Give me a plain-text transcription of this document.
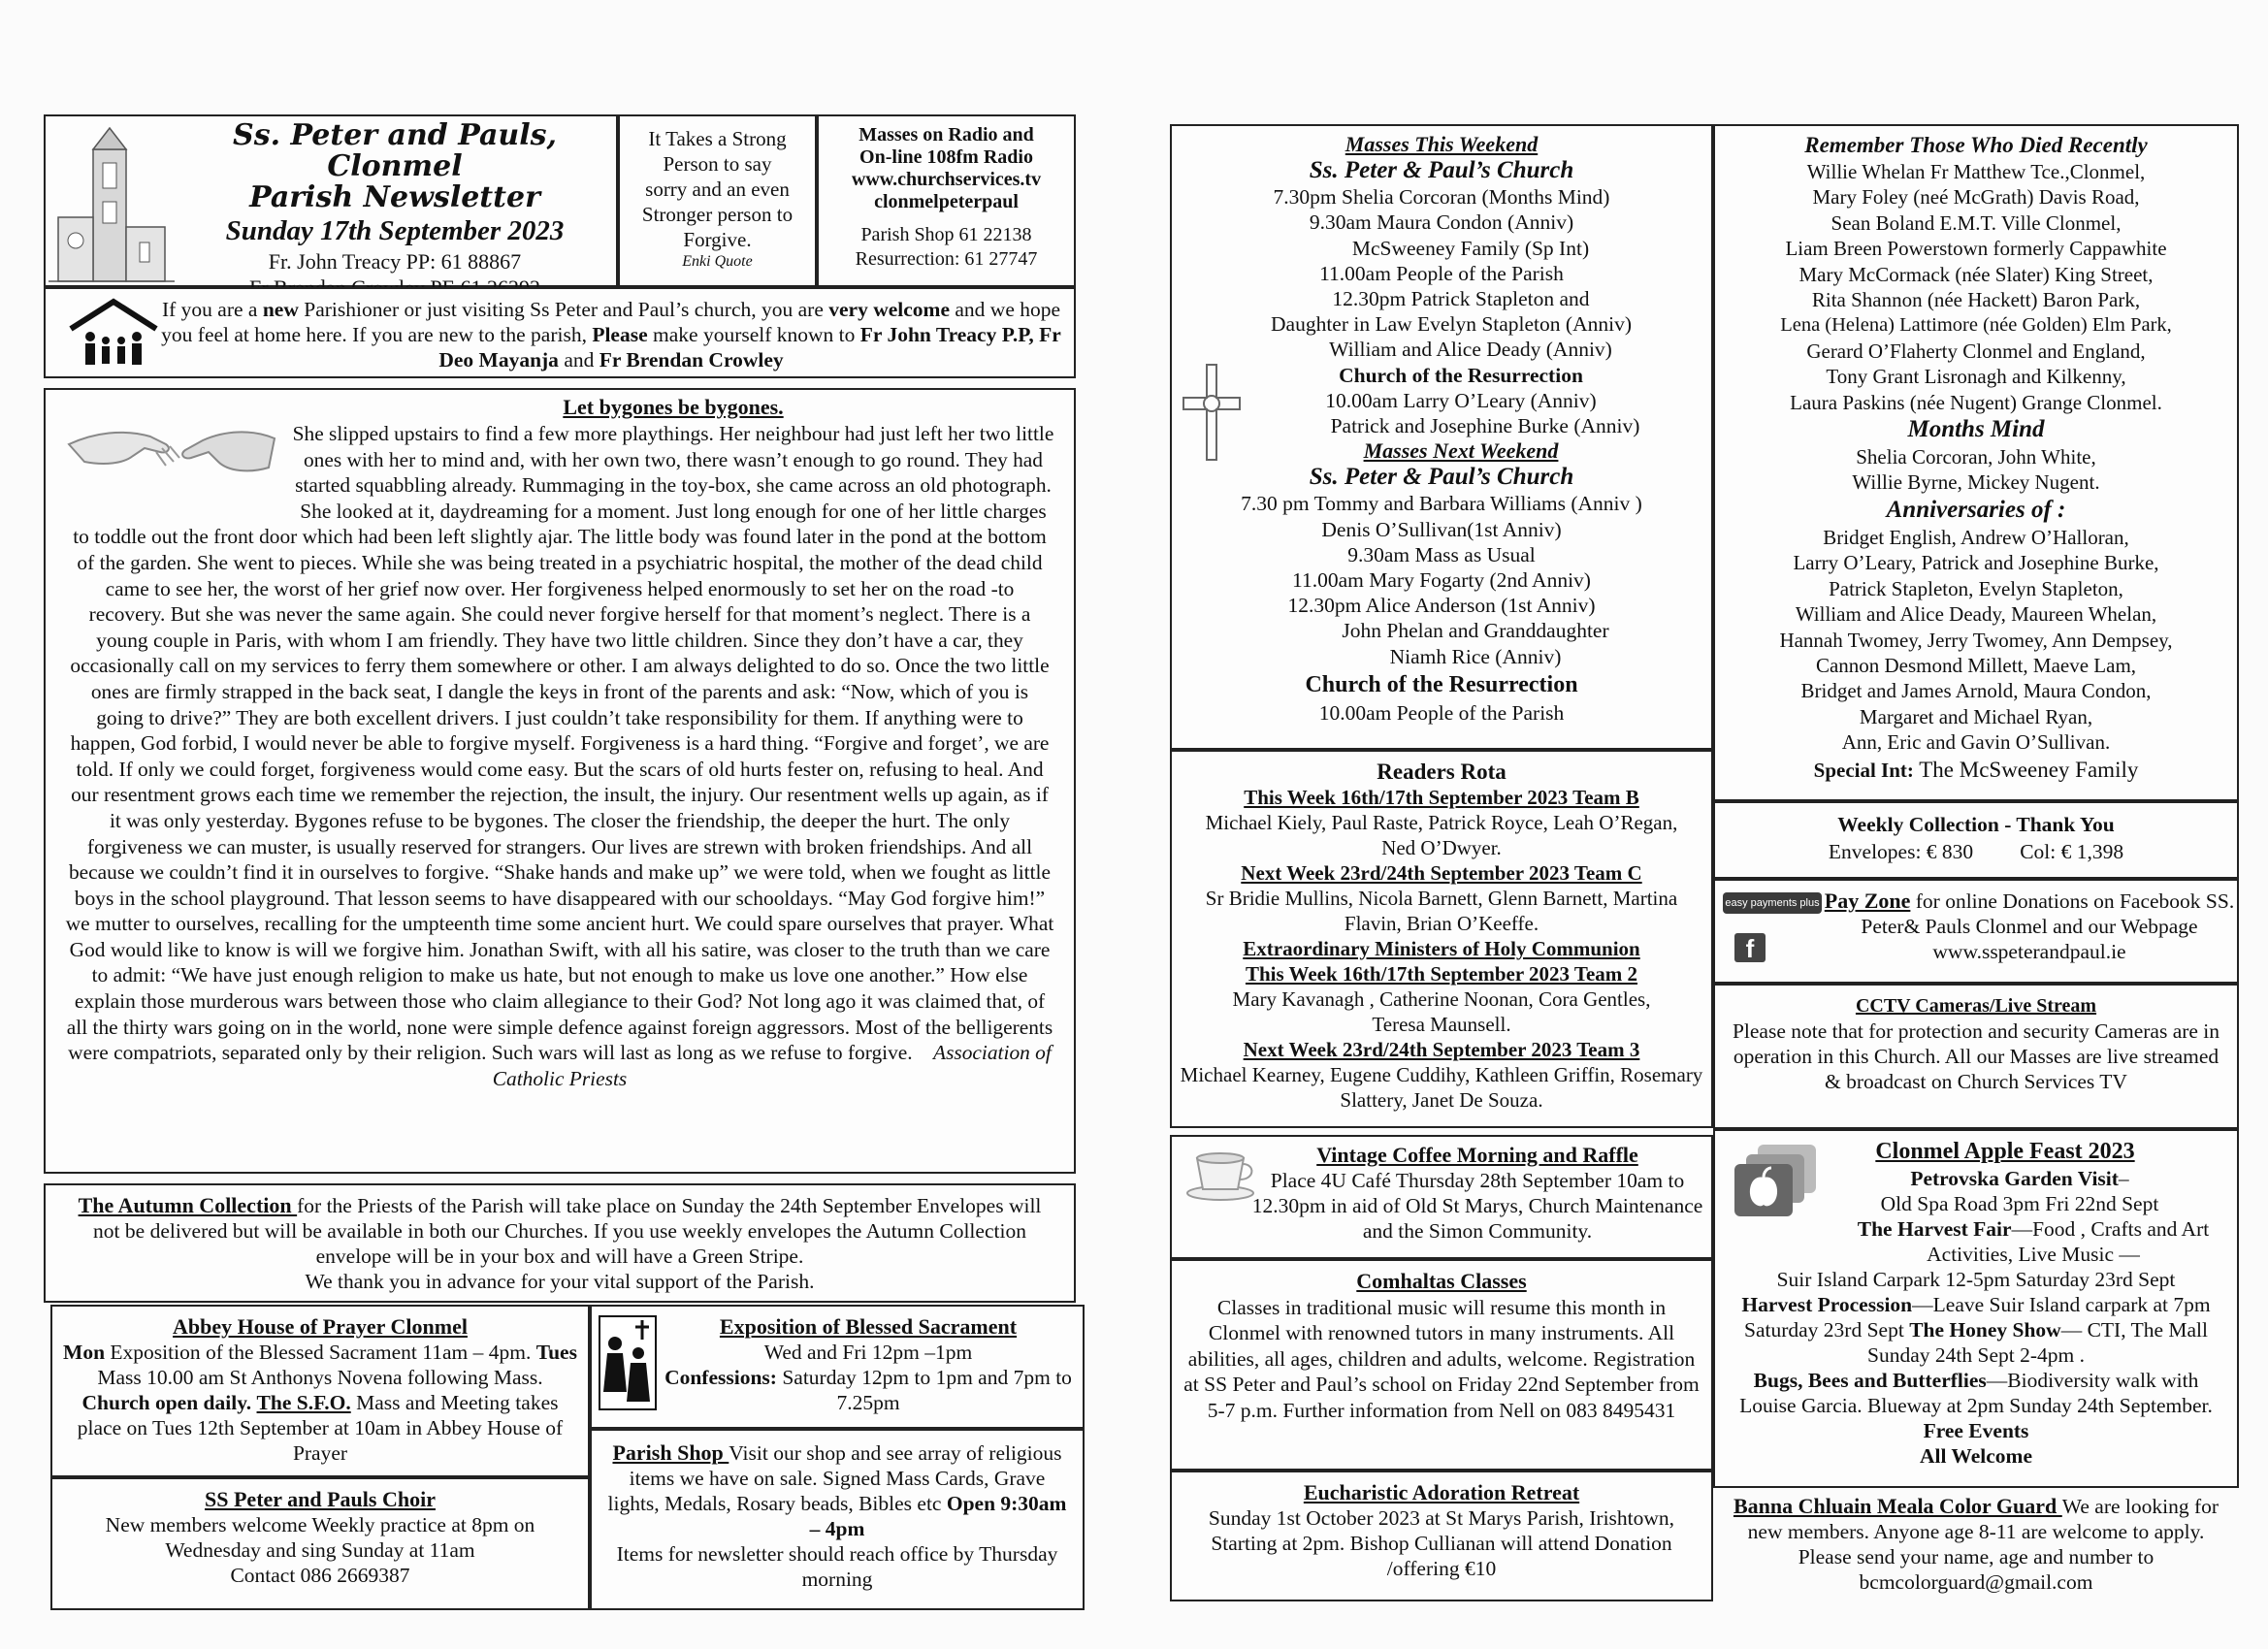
Ss. Peter and Pauls, Clonmel
Parish Newsletter
Sunday 17th September 2023
Fr. John Treacy PP: 61 88867
It Takes a Strong
Person to say
sorry and an even
Stronger person to
Forgive.
Enki Quote
Masses on Radio and
On-line 108fm Radio
www.churchservices.tv
clonmelpeterpaul
Parish Shop 61 22138
Resurrection: 61 27747
If you are a new Parishioner or just visiting Ss Peter and Paul’s church, you are very welcome and we hope you feel at home here. If you are new to the parish, Please make yourself known to Fr John Treacy P.P, Fr Deo Mayanja and Fr Brendan Crowley
Let bygones be bygones.

She slipped upstairs to find a few more playthings. Her neighbour had just left her two little ones with her to mind and, with her own two, there wasn’t enough to go round. They had started squabbling already. Rummaging in the toy-box, she came across an old photograph. She looked at it, daydreaming for a moment. Just long enough for one of her little charges to toddle out the front door which had been left slightly ajar. The little body was found later in the pond at the bottom of the garden. She went to pieces. While she was being treated in a psychiatric hospital, the mother of the dead child came to see her, the worst of her grief now over. Her forgiveness helped enormously to set her on the road -to recovery. But she was never the same again. She could never forgive herself for that moment’s neglect. There is a young couple in Paris, with whom I am friendly. They have two little children. Since they don’t have a car, they occasionally call on my services to ferry them somewhere or other. I am always delighted to do so. Once the two little ones are firmly strapped in the back seat, I dangle the keys in front of the parents and ask: “Now, which of you is going to drive?” They are both excellent drivers. I just couldn’t take responsibility for them. If anything were to happen, God forbid, I would never be able to forgive myself. Forgiveness is a hard thing. “Forgive and forget’, we are told. If only we could forget, forgiveness would come easy. But the scars of old hurts fester on, refusing to heal. And our resentment grows each time we remember the rejection, the insult, the injury. Our resentment wells up again, as if it was only yesterday. Bygones refuse to be bygones. The closer the friendship, the deeper the hurt. The only forgiveness we can muster, is usually reserved for strangers. Our lives are strewn with broken friendships. And all because we couldn’t find it in ourselves to forgive. “Shake hands and make up” we were told, when we fought as little boys in the school playground. That lesson seems to have disappeared with our schooldays. “May God forgive him!” we mutter to ourselves, recalling for the umpteenth time some ancient hurt. We could spare ourselves that prayer. What God would like to know is will we forgive him. Jonathan Swift, with all his satire, was closer to the truth than we care to admit: “We have just enough religion to make us hate, but not enough to make us love one another.” How else explain those murderous wars between those who claim allegiance to their God? Not long ago it was claimed that, of all the thirty wars going on in the world, none were simple defence against foreign aggressors. Most of the belligerents were compatriots, separated only by their religion. Such wars will last as long as we refuse to forgive. Association of Catholic Priests

The Autumn Collection for the Priests of the Parish will take place on Sunday the 24th September Envelopes will not be delivered but will be available in both our Churches. If you use weekly envelopes the Autumn Collection envelope will be in your box and will have a Green Stripe.
We thank you in advance for your vital support of the Parish.
Abbey House of Prayer Clonmel
Mon Exposition of the Blessed Sacrament 11am – 4pm. Tues Mass 10.00 am St Anthonys Novena following Mass. Church open daily. The S.F.O. Mass and Meeting takes place on Tues 12th September at 10am in Abbey House of Prayer
SS Peter and Pauls Choir
New members welcome Weekly practice at 8pm on Wednesday and sing Sunday at 11am
Contact 086 2669387
Exposition of Blessed Sacrament
Wed and Fri 12pm –1pm
Confessions: Saturday 12pm to 1pm and 7pm to 7.25pm
Parish Shop Visit our shop and see array of religious items we have on sale. Signed Mass Cards, Grave lights, Medals, Rosary beads, Bibles etc Open 9:30am – 4pm
Items for newsletter should reach office by Thursday morning
Masses This Weekend
Ss. Peter & Paul’s Church
7.30pm Shelia Corcoran (Months Mind)
9.30am Maura Condon (Anniv)
McSweeney Family (Sp Int)
11.00am People of the Parish
12.30pm Patrick Stapleton and
Daughter in Law Evelyn Stapleton (Anniv)
William and Alice Deady (Anniv)
Church of the Resurrection
10.00am Larry O’Leary (Anniv)
Patrick and Josephine Burke (Anniv)
Masses Next Weekend
Ss. Peter & Paul’s Church
7.30 pm Tommy and Barbara Williams (Anniv )
Denis O’Sullivan(1st Anniv)
9.30am Mass as Usual
11.00am Mary Fogarty (2nd Anniv)
12.30pm Alice Anderson (1st Anniv)
John Phelan and Granddaughter
Niamh Rice (Anniv)
Church of the Resurrection
10.00am People of the Parish
Readers Rota
This Week 16th/17th September 2023 Team B
Michael Kiely, Paul Raste, Patrick Royce, Leah O’Regan, Ned O’Dwyer.
Next Week 23rd/24th September 2023 Team C
Sr Bridie Mullins, Nicola Barnett, Glenn Barnett, Martina Flavin, Brian O’Keeffe.
Extraordinary Ministers of Holy Communion
This Week 16th/17th September 2023 Team 2
Mary Kavanagh , Catherine Noonan, Cora Gentles, Teresa Maunsell.
Next Week 23rd/24th September 2023 Team 3
Michael Kearney, Eugene Cuddihy, Kathleen Griffin, Rosemary Slattery, Janet De Souza.
Vintage Coffee Morning and Raffle
Place 4U Café Thursday 28th September 10am to 12.30pm in aid of Old St Marys, Church Maintenance and the Simon Community.
Comhaltas Classes
Classes in traditional music will resume this month in Clonmel with renowned tutors in many instruments. All abilities, all ages, children and adults, welcome. Registration at SS Peter and Paul’s school on Friday 22nd September from 5-7 p.m. Further information from Nell on 083 8495431
Eucharistic Adoration Retreat
Sunday 1st October 2023 at St Marys Parish, Irishtown, Starting at 2pm. Bishop Cullianan will attend Donation /offering €10
Remember Those Who Died Recently
Willie Whelan Fr Matthew Tce.,Clonmel,
Mary Foley (neé McGrath) Davis Road,
Sean Boland E.M.T. Ville Clonmel,
Liam Breen Powerstown formerly Cappawhite
Mary McCormack (née Slater) King Street,
Rita Shannon (née Hackett) Baron Park,
Lena (Helena) Lattimore (née Golden) Elm Park,
Gerard O’Flaherty Clonmel and England,
Tony Grant Lisronagh and Kilkenny,
Laura Paskins (née Nugent) Grange Clonmel.
Months Mind
Shelia Corcoran, John White,
Willie Byrne, Mickey Nugent.
Anniversaries of :
Bridget English, Andrew O’Halloran,
Larry O’Leary, Patrick and Josephine Burke,
Patrick Stapleton, Evelyn Stapleton,
William and Alice Deady, Maureen Whelan,
Hannah Twomey, Jerry Twomey, Ann Dempsey,
Cannon Desmond Millett, Maeve Lam,
Bridget and James Arnold, Maura Condon,
Margaret and Michael Ryan,
Ann, Eric and Gavin O’Sullivan.
Special Int: The McSweeney Family
Weekly Collection - Thank You
Envelopes: € 830 Col: € 1,398
easy payments plus
f
Pay Zone for online Donations on Facebook SS. Peter& Pauls Clonmel and our Webpage www.sspeterandpaul.ie
CCTV Cameras/Live Stream
Please note that for protection and security Cameras are in operation in this Church. All our Masses are live streamed & broadcast on Church Services TV
Clonmel Apple Feast 2023
Petrovska Garden Visit–
Old Spa Road 3pm Fri 22nd Sept
The Harvest Fair—Food , Crafts and Art Activities, Live Music —
Suir Island Carpark 12-5pm Saturday 23rd Sept
Harvest Procession—Leave Suir Island carpark at 7pm Saturday 23rd Sept The Honey Show— CTI, The Mall Sunday 24th Sept 2-4pm .
Bugs, Bees and Butterflies—Biodiversity walk with Louise Garcia. Blueway at 2pm Sunday 24th September. Free Events
All Welcome
Banna Chluain Meala Color Guard We are looking for new members. Anyone age 8-11 are welcome to apply. Please send your name, age and number to bcmcolorguard@gmail.com
